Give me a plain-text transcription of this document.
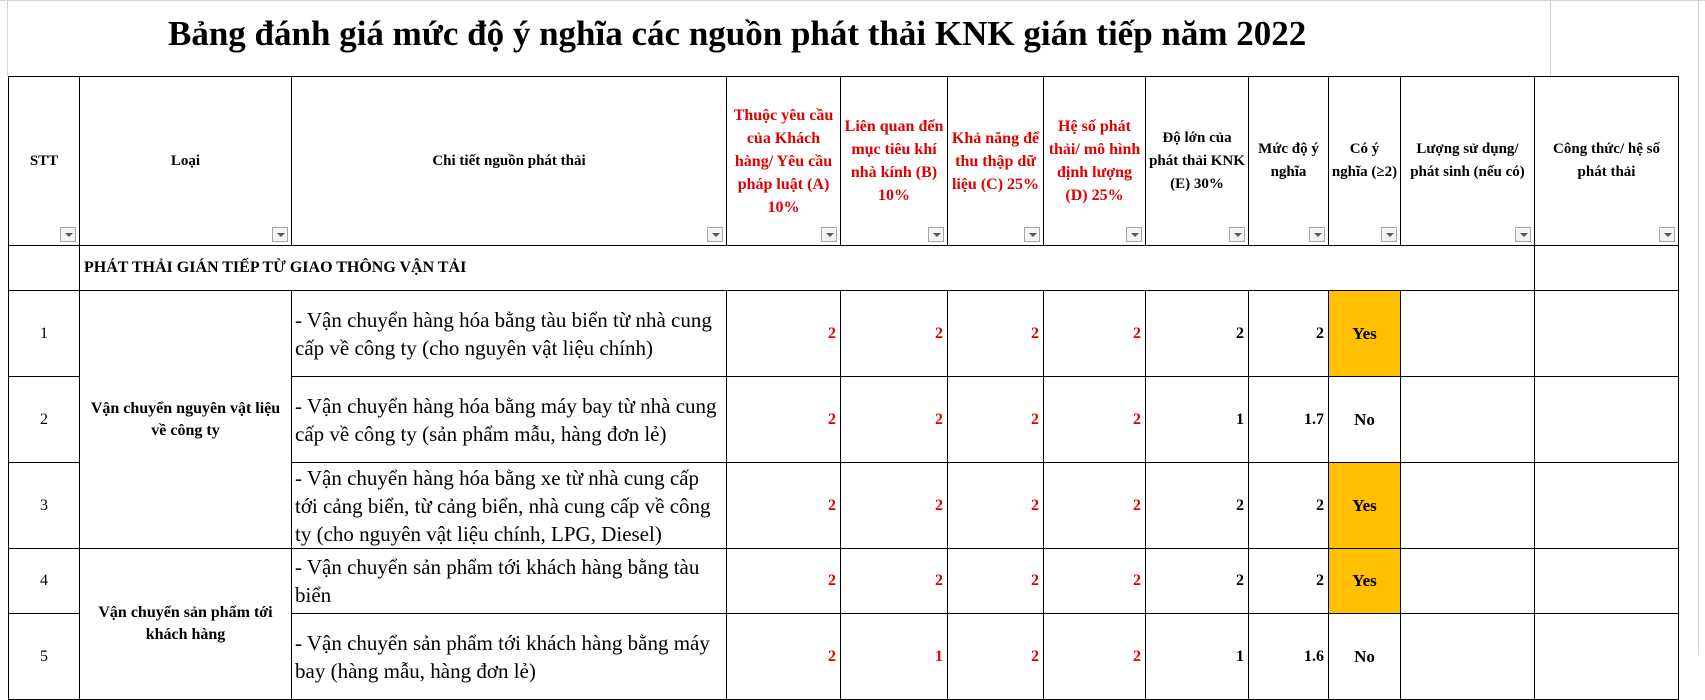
Bảng đánh giá mức độ ý nghĩa các nguồn phát thải KNK gián tiếp năm 2022
STT	Loại	Chi tiết nguồn phát thải	Thuộc yêu cầu của Khách hàng/ Yêu cầu pháp luật (A) 10%	Liên quan đến mục tiêu khí nhà kính (B) 10%	Khả năng để thu thập dữ liệu (C) 25%	Hệ số phát thải/ mô hình định lượng (D) 25%	Độ lớn của phát thải KNK (E) 30%	Mức độ ý nghĩa	Có ý nghĩa (≥2)	Lượng sử dụng/ phát sinh (nếu có)	Công thức/ hệ số phát thải

	PHÁT THẢI GIÁN TIẾP TỪ GIAO THÔNG VẬN TẢI										
1	Vận chuyển nguyên vật liệu về công ty	- Vận chuyển hàng hóa bằng tàu biển từ nhà cung cấp về công ty (cho nguyên vật liệu chính)	2	2	2	2	2	2	Yes		
2		- Vận chuyển hàng hóa bằng máy bay từ nhà cung cấp về công ty (sản phẩm mẫu, hàng đơn lẻ)	2	2	2	2	1	1.7	No		
3		- Vận chuyển hàng hóa bằng xe từ nhà cung cấp tới cảng biển, từ cảng biển, nhà cung cấp về công ty (cho nguyên vật liệu chính, LPG, Diesel)	2	2	2	2	2	2	Yes		
4	Vận chuyển sản phẩm tới khách hàng	- Vận chuyển sản phẩm tới khách hàng bằng tàu biển	2	2	2	2	2	2	Yes		
5		- Vận chuyển sản phẩm tới khách hàng bằng máy bay (hàng mẫu, hàng đơn lẻ)	2	1	2	2	1	1.6	No		
